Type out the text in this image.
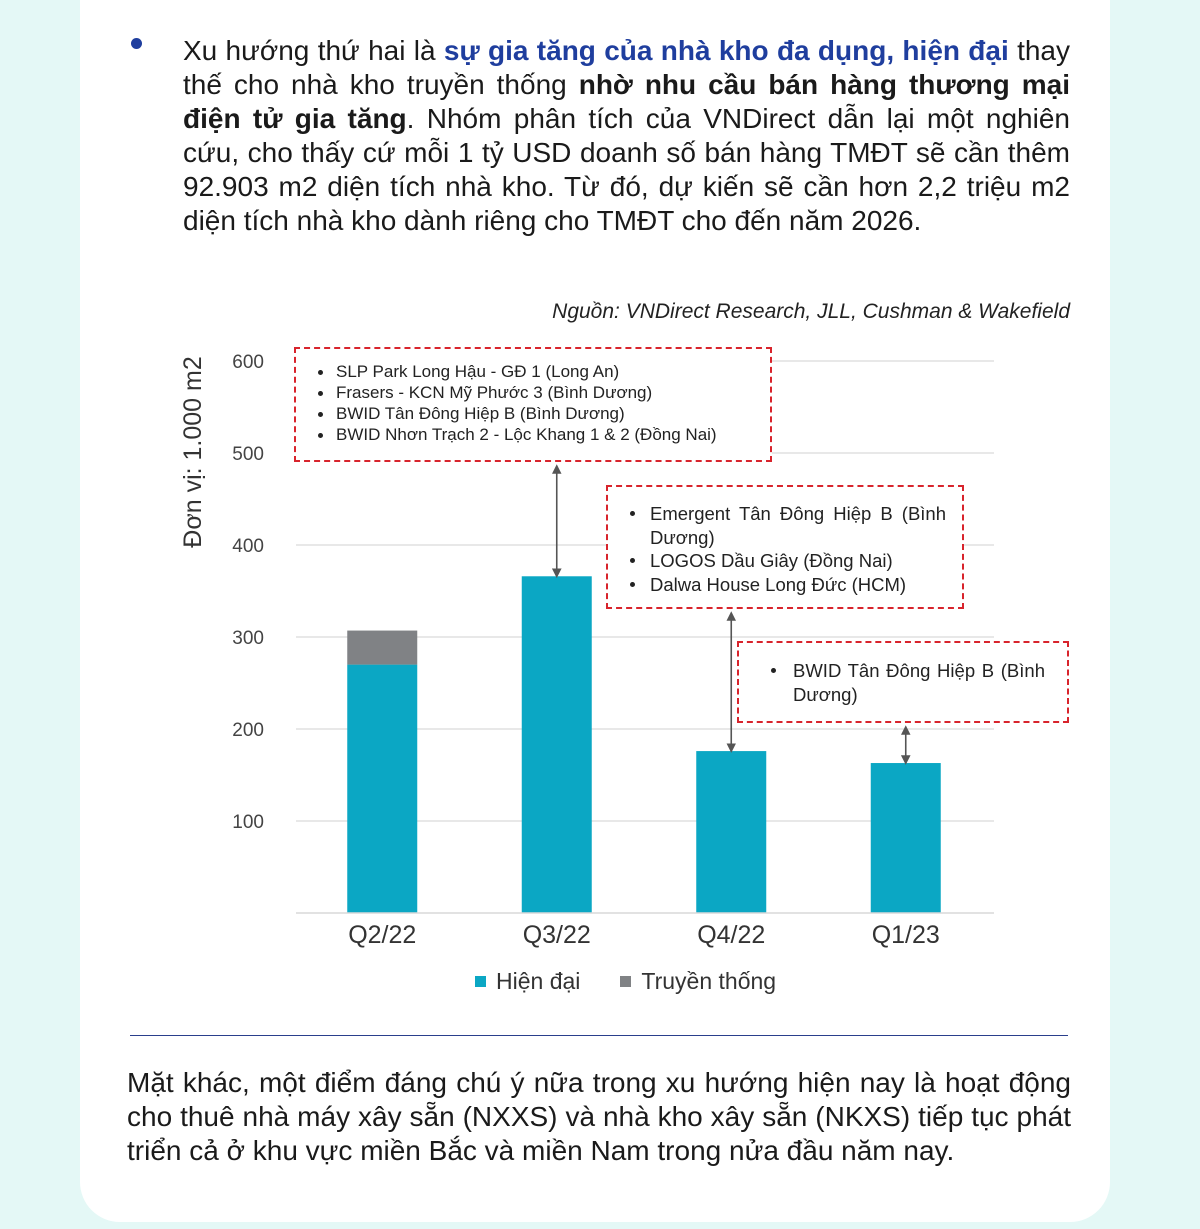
Xu hướng thứ hai là sự gia tăng của nhà kho đa dụng, hiện đại thay thế cho nhà kho truyền thống nhờ nhu cầu bán hàng thương mại điện tử gia tăng. Nhóm phân tích của VNDirect dẫn lại một nghiên cứu, cho thấy cứ mỗi 1 tỷ USD doanh số bán hàng TMĐT sẽ cần thêm 92.903 m2 diện tích nhà kho. Từ đó, dự kiến sẽ cần hơn 2,2 triệu m2 diện tích nhà kho dành riêng cho TMĐT cho đến năm 2026.
Nguồn: VNDirect Research, JLL, Cushman & Wakefield
100
200
300
400
500
600
Q2/22	Q3/22	Q4/22	Q1/23
Đơn vị: 1.000 m2	SLP Park Long Hậu - GĐ 1 (Long An)
Frasers - KCN Mỹ Phước 3 (Bình Dương)
BWID Tân Đông Hiệp B (Bình Dương)
BWID Nhơn Trạch 2 - Lộc Khang 1 & 2 (Đồng Nai)
Emergent Tân Đông Hiệp B (Bình Dương)
LOGOS Dầu Giây (Đồng Nai)
Dalwa House Long Đức (HCM)
BWID Tân Đông Hiệp B (Bình Dương)
Hiện đại	Truyền thống
Mặt khác, một điểm đáng chú ý nữa trong xu hướng hiện nay là hoạt động cho thuê nhà máy xây sẵn (NXXS) và nhà kho xây sẵn (NKXS) tiếp tục phát triển cả ở khu vực miền Bắc và miền Nam trong nửa đầu năm nay.
